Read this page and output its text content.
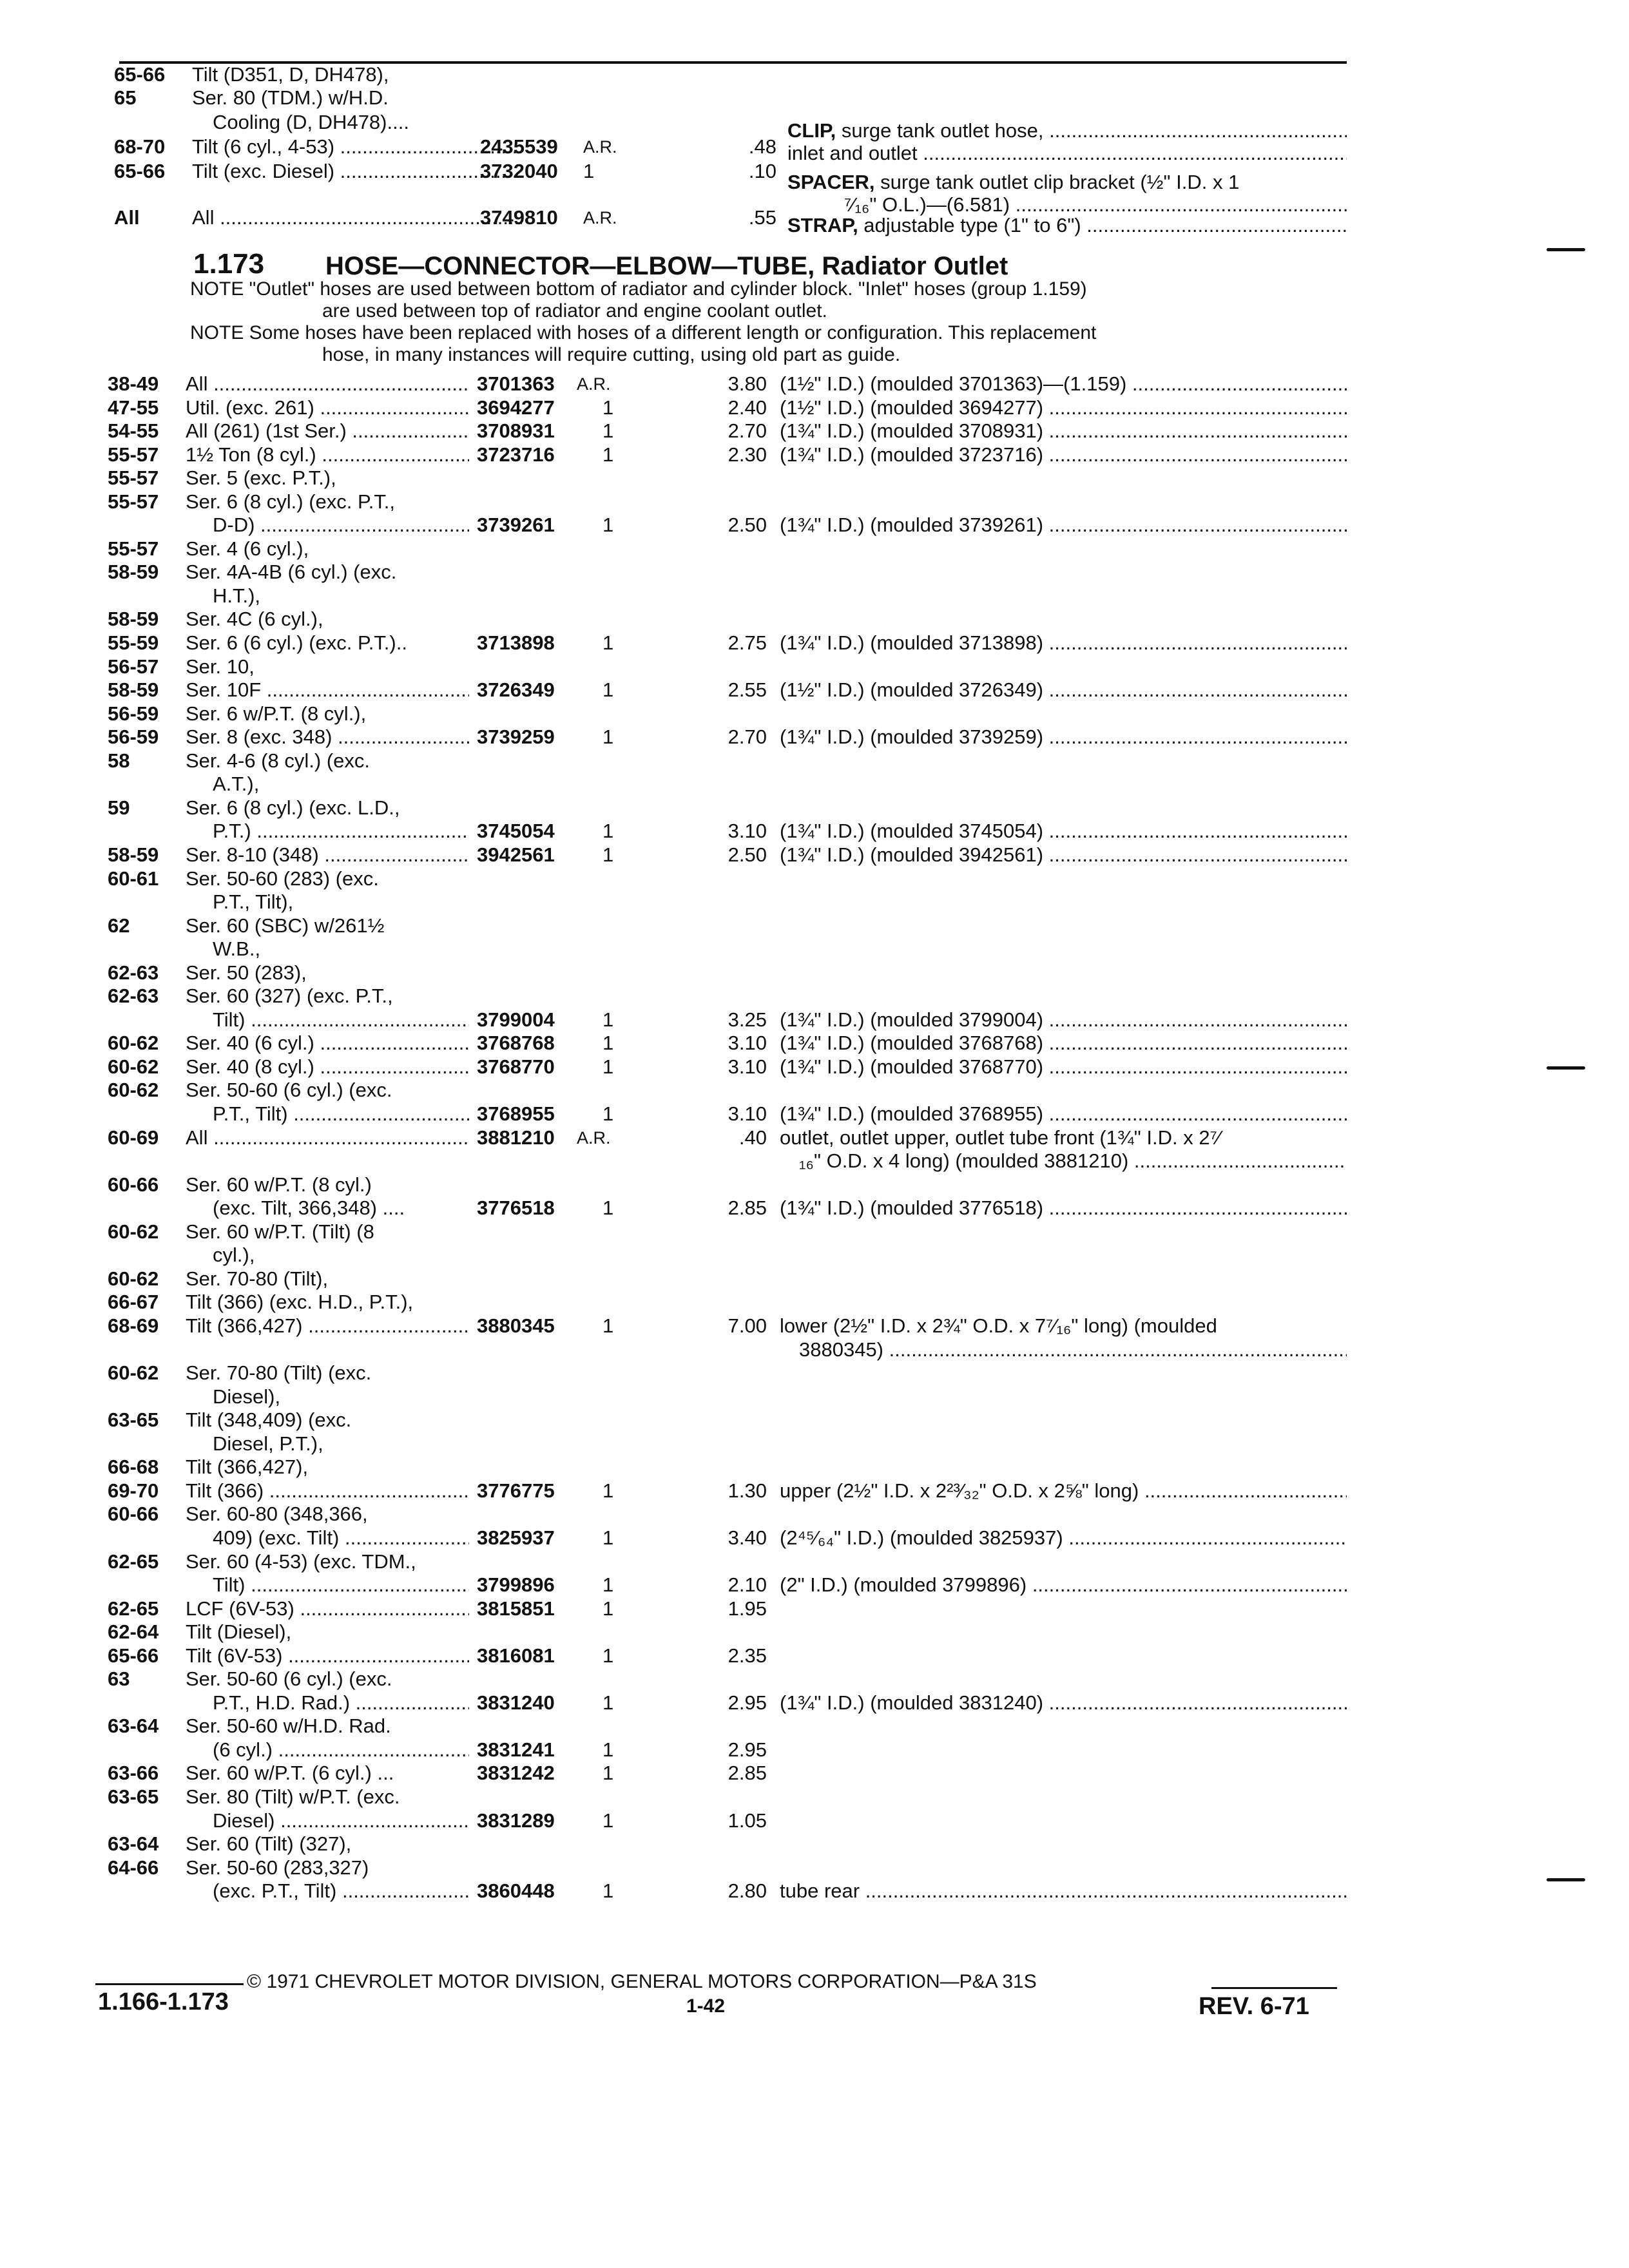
65-66 Tilt (D351, D, DH478),
65	Ser. 80 (TDM.) w/H.D.
Cooling (D, DH478)....
68-70 Tilt (6 cyl., 4-53) .....	2435539 A.R.	.48
65-66 Tilt (exc. Diesel) .....	3732040 1	.10
All	All .....	3749810 A.R.	.55
CLIP, surge tank outlet hose, .....
inlet and outlet .....
SPACER, surge tank outlet clip bracket (½" I.D. x 1
⁷⁄₁₆" O.L.)—(6.581) .....
STRAP, adjustable type (1" to 6") .....
1.173 HOSE—CONNECTOR—ELBOW—TUBE, Radiator Outlet
NOTE "Outlet" hoses are used between bottom of radiator and cylinder block. "Inlet" hoses (group 1.159)
are used between top of radiator and engine coolant outlet.
NOTE Some hoses have been replaced with hoses of a different length or configuration. This replacement
hose, in many instances will require cutting, using old part as guide.
38-49 All .....	3701363 A.R.	3.80 (1½" I.D.) (moulded 3701363)—(1.159) .....
47-55 Util. (exc. 261) .....	3694277 1	2.40 (1½" I.D.) (moulded 3694277) .....
54-55 All (261) (1st Ser.) .....	3708931 1	2.70 (1¾" I.D.) (moulded 3708931) .....
55-57 1½ Ton (8 cyl.) .....	3723716 1	2.30 (1¾" I.D.) (moulded 3723716) .....
55-57 Ser. 5 (exc. P.T.),
55-57 Ser. 6 (8 cyl.) (exc. P.T.,
D-D) .....	3739261 1	2.50 (1¾" I.D.) (moulded 3739261) .....
55-57 Ser. 4 (6 cyl.),
58-59 Ser. 4A-4B (6 cyl.) (exc.
H.T.),
58-59 Ser. 4C (6 cyl.),
55-59 Ser. 6 (6 cyl.) (exc. P.T.)..	3713898 1	2.75 (1¾" I.D.) (moulded 3713898) .....
56-57 Ser. 10,
58-59 Ser. 10F .....	3726349 1	2.55 (1½" I.D.) (moulded 3726349) .....
56-59 Ser. 6 w/P.T. (8 cyl.),
56-59 Ser. 8 (exc. 348) .....	3739259 1	2.70 (1¾" I.D.) (moulded 3739259) .....
58	Ser. 4-6 (8 cyl.) (exc.
A.T.),
59	Ser. 6 (8 cyl.) (exc. L.D.,
P.T.) .....	3745054 1	3.10 (1¾" I.D.) (moulded 3745054) .....
58-59 Ser. 8-10 (348) .....	3942561 1	2.50 (1¾" I.D.) (moulded 3942561) .....
60-61 Ser. 50-60 (283) (exc.
P.T., Tilt),
62	Ser. 60 (SBC) w/261½
W.B.,
62-63 Ser. 50 (283),
62-63 Ser. 60 (327) (exc. P.T.,
Tilt) .....	3799004 1	3.25 (1¾" I.D.) (moulded 3799004) .....
60-62 Ser. 40 (6 cyl.) .....	3768768 1	3.10 (1¾" I.D.) (moulded 3768768) .....
60-62 Ser. 40 (8 cyl.) .....	3768770 1	3.10 (1¾" I.D.) (moulded 3768770) .....
60-62 Ser. 50-60 (6 cyl.) (exc.
P.T., Tilt) .....	3768955 1	3.10 (1¾" I.D.) (moulded 3768955) .....
60-69 All .....	3881210 A.R.	.40 outlet, outlet upper, outlet tube front (1¾" I.D. x 2⁷⁄
₁₆" O.D. x 4 long) (moulded 3881210) .....
60-66 Ser. 60 w/P.T. (8 cyl.)
(exc. Tilt, 366,348) ....	3776518 1	2.85 (1¾" I.D.) (moulded 3776518) .....
60-62 Ser. 60 w/P.T. (Tilt) (8
cyl.),
60-62 Ser. 70-80 (Tilt),
66-67 Tilt (366) (exc. H.D., P.T.),
68-69 Tilt (366,427) .....	3880345 1	7.00 lower (2½" I.D. x 2¾" O.D. x 7⁷⁄₁₆" long) (moulded
3880345) .....
60-62 Ser. 70-80 (Tilt) (exc.
Diesel),
63-65 Tilt (348,409) (exc.
Diesel, P.T.),
66-68 Tilt (366,427),
69-70 Tilt (366) .....	3776775 1	1.30 upper (2½" I.D. x 2²³⁄₃₂" O.D. x 2⅝" long) .....
60-66 Ser. 60-80 (348,366,
409) (exc. Tilt) .....	3825937 1	3.40 (2⁴⁵⁄₆₄" I.D.) (moulded 3825937) .....
62-65 Ser. 60 (4-53) (exc. TDM.,
Tilt) .....	3799896 1	2.10 (2" I.D.) (moulded 3799896) .....
62-65 LCF (6V-53) .....	3815851 1	1.95
62-64 Tilt (Diesel),
65-66 Tilt (6V-53) .....	3816081 1	2.35
63	Ser. 50-60 (6 cyl.) (exc.
P.T., H.D. Rad.) .....	3831240 1	2.95 (1¾" I.D.) (moulded 3831240) .....
63-64 Ser. 50-60 w/H.D. Rad.
(6 cyl.) .....	3831241 1	2.95
63-66 Ser. 60 w/P.T. (6 cyl.) ...	3831242 1	2.85
63-65 Ser. 80 (Tilt) w/P.T. (exc.
Diesel) .....	3831289 1	1.05
63-64 Ser. 60 (Tilt) (327),
64-66 Ser. 50-60 (283,327)
(exc. P.T., Tilt) .....	3860448 1	2.80 tube rear .....
© 1971 CHEVROLET MOTOR DIVISION, GENERAL MOTORS CORPORATION—P&A 31S
1.166-1.173	1-42	REV. 6-71
